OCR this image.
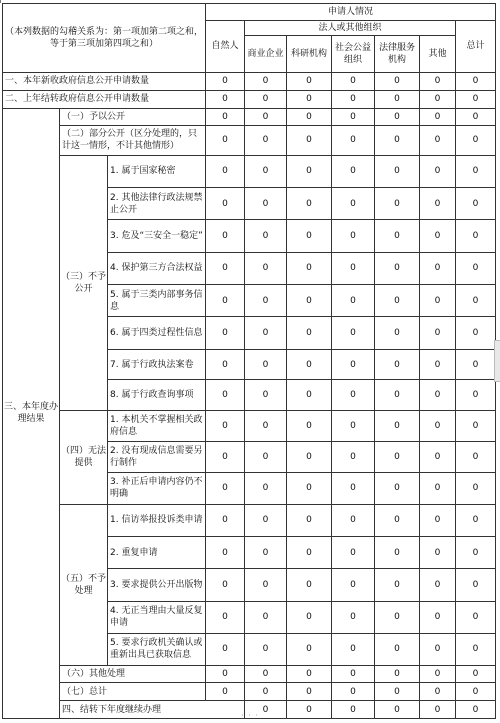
（本列数据的勾稽关系为：第一项加第二项之和，等于第三项加第四项之和）			申请人情况							
			自然人	法人或其他组织					总计	
				商业企业	科研机构	社会公益组织	法律服务机构	其他		
一、本年新收政府信息公开申请数量			0	0	0	0	0	0	0	
二、上年结转政府信息公开申请数量			0	0	0	0	0	0	0	
三、本年度办理结果	（一）予以公开		0	0	0	0	0	0	0	
	（二）部分公开（区分处理的，只计这一情形，不计其他情形）		0	0	0	0	0	0	0	
	（三）不予公开	1. 属于国家秘密	0	0	0	0	0	0	0	
		2. 其他法律行政法规禁止公开	0	0	0	0	0	0	0	
		3. 危及“三安全一稳定”	0	0	0	0	0	0	0	
		4. 保护第三方合法权益	0	0	0	0	0	0	0	
		5. 属于三类内部事务信息	0	0	0	0	0	0	0	
		6. 属于四类过程性信息	0	0	0	0	0	0	0	
		7. 属于行政执法案卷	0	0	0	0	0	0	0	
		8. 属于行政查询事项	0	0	0	0	0	0	0	
	（四）无法提供	1. 本机关不掌握相关政府信息	0	0	0	0	0	0	0	
		2. 没有现成信息需要另行制作	0	0	0	0	0	0	0	
		3. 补正后申请内容仍不明确	0	0	0	0	0	0	0	
	（五）不予处理	1. 信访举报投诉类申请	0	0	0	0	0	0	0	
		2. 重复申请	0	0	0	0	0	0	0	
		3. 要求提供公开出版物	0	0	0	0	0	0	0	
		4. 无正当理由大量反复申请	0	0	0	0	0	0	0	
		5. 要求行政机关确认或重新出具已获取信息	0	0	0	0	0	0	0	
	（六）其他处理		0	0	0	0	0	0	0	
	（七）总计		0	0	0	0	0	0	0	
	四、结转下年度继续办理			0	0	0	0	0	0	
· · ·
